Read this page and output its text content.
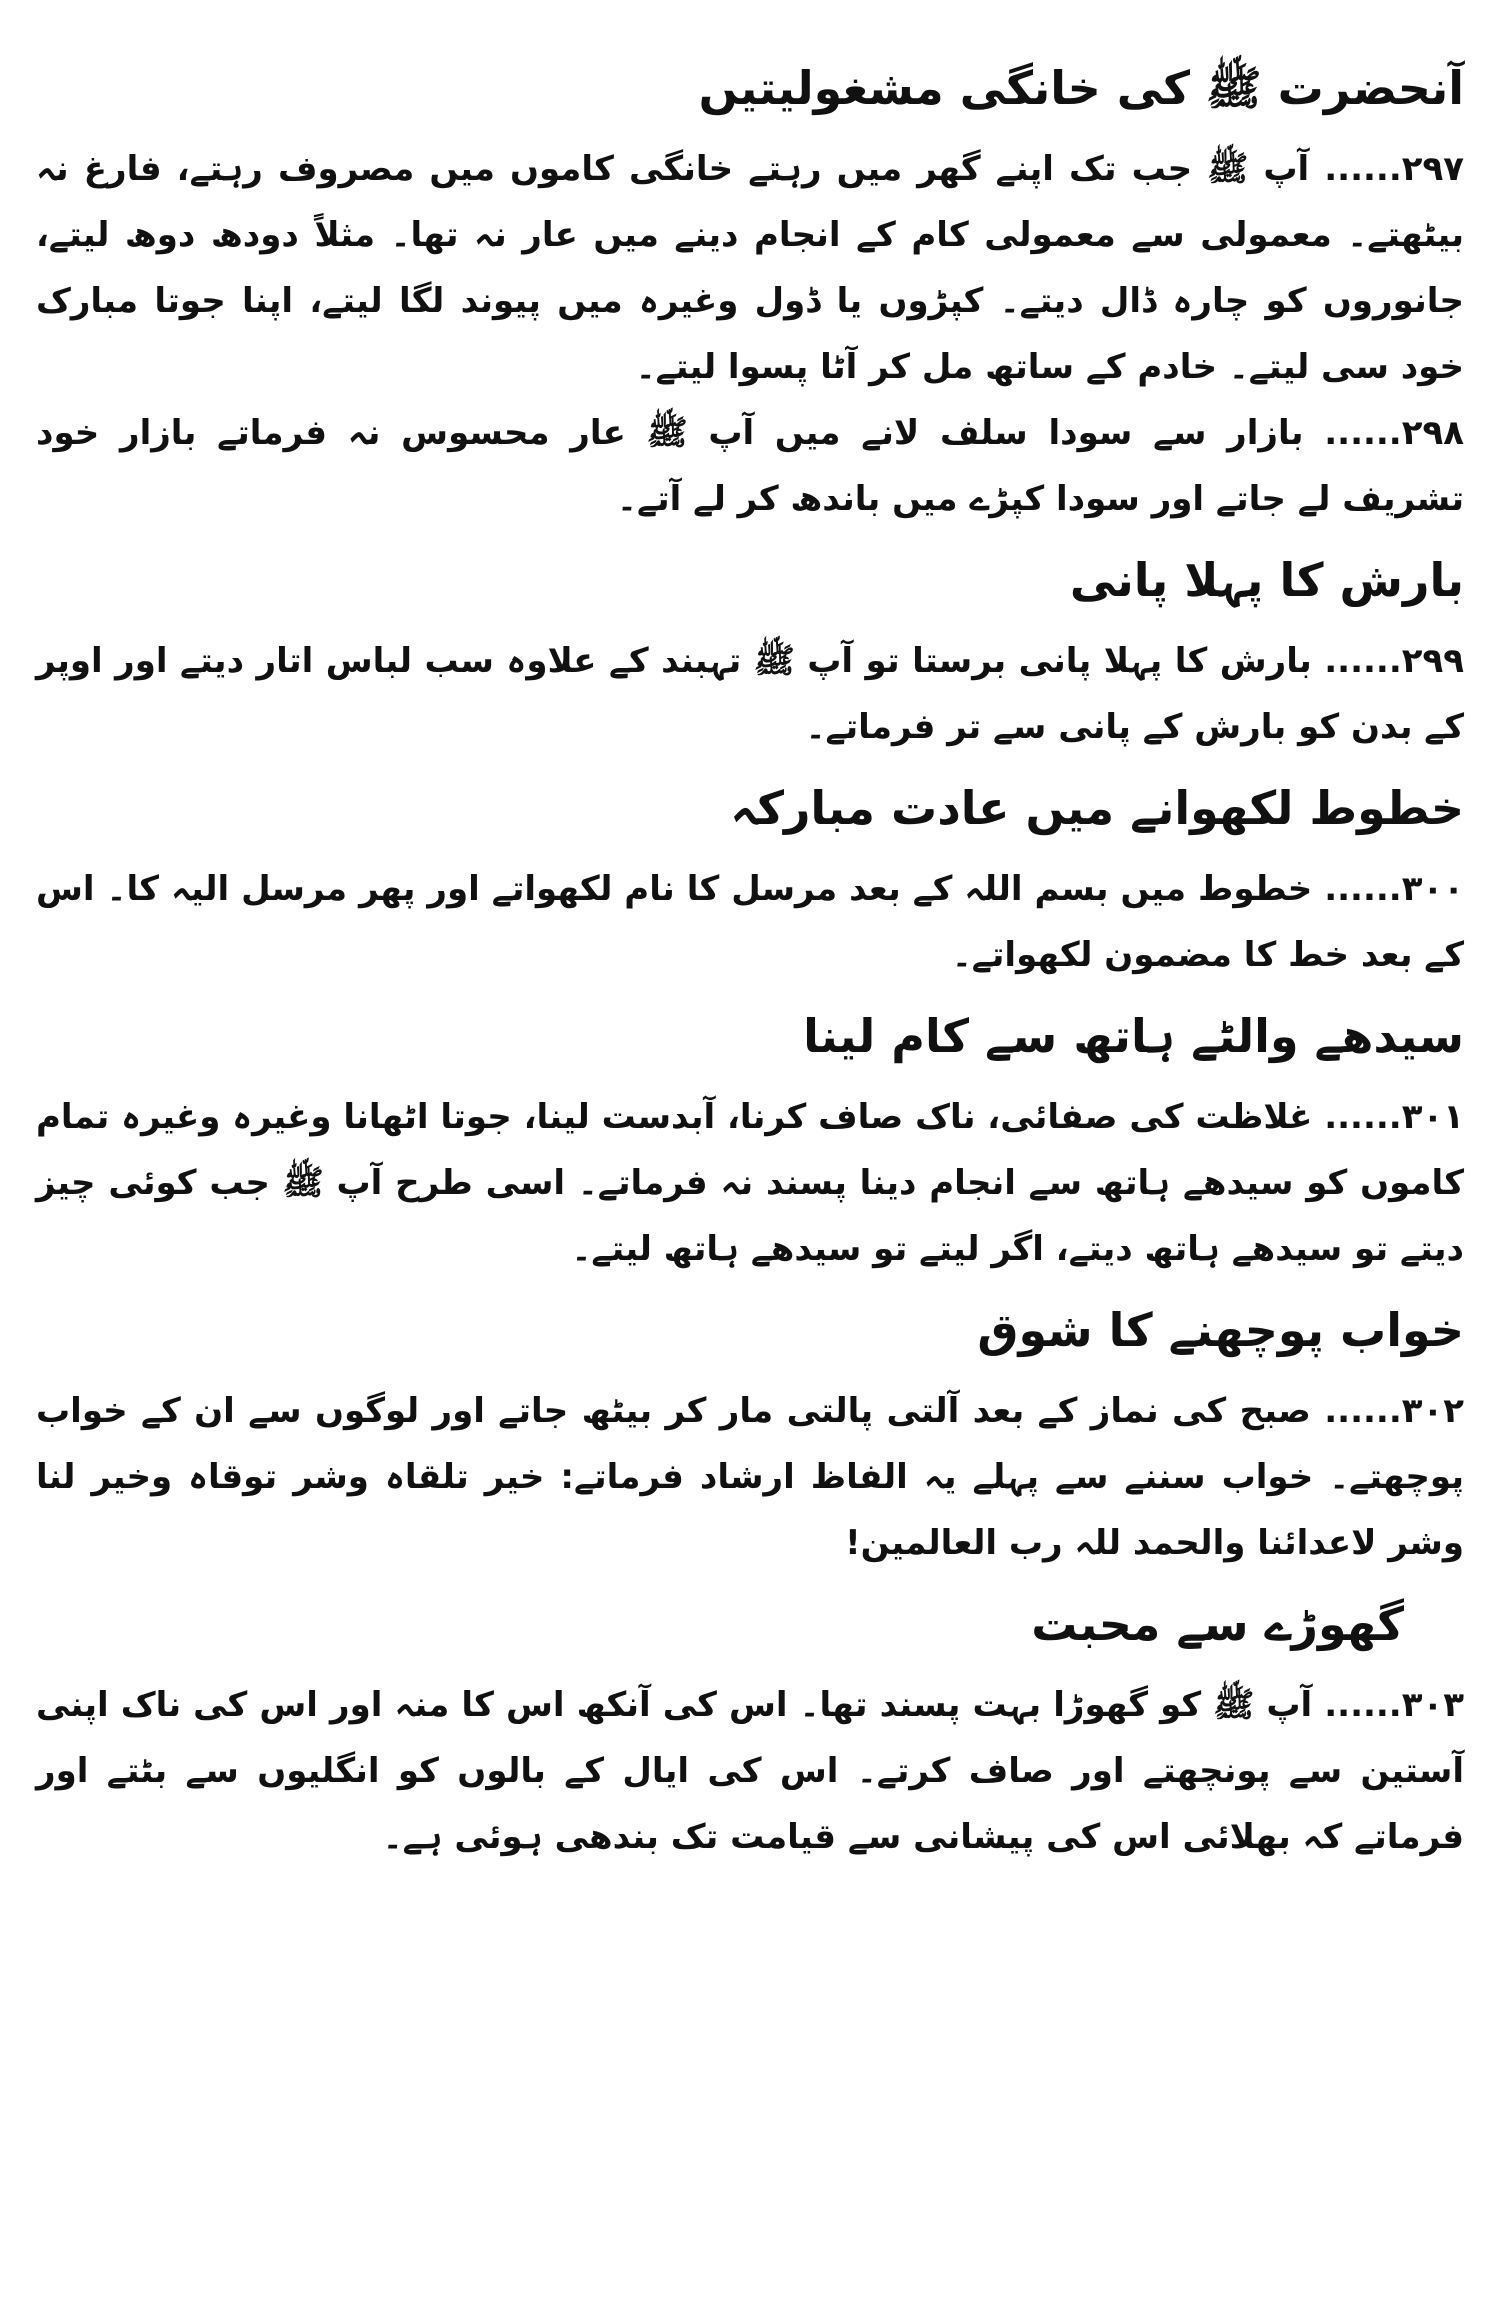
آنحضرت ﷺ کی خانگی مشغولیتیں

۲۹۷...... آپ ﷺ جب تک اپنے گھر میں رہتے خانگی کاموں میں مصروف رہتے، فارغ نہ بیٹھتے۔ معمولی سے معمولی کام کے انجام دینے میں عار نہ تھا۔ مثلاً دودھ دوھ لیتے، جانوروں کو چارہ ڈال دیتے۔ کپڑوں یا ڈول وغیرہ میں پیوند لگا لیتے، اپنا جوتا مبارک خود سی لیتے۔ خادم کے ساتھ مل کر آٹا پسوا لیتے۔

۲۹۸...... بازار سے سودا سلف لانے میں آپ ﷺ عار محسوس نہ فرماتے بازار خود تشریف لے جاتے اور سودا کپڑے میں باندھ کر لے آتے۔

بارش کا پہلا پانی

۲۹۹...... بارش کا پہلا پانی برستا تو آپ ﷺ تہبند کے علاوہ سب لباس اتار دیتے اور اوپر کے بدن کو بارش کے پانی سے تر فرماتے۔

خطوط لکھوانے میں عادت مبارکہ

۳۰۰...... خطوط میں بسم اللہ کے بعد مرسل کا نام لکھواتے اور پھر مرسل الیہ کا۔ اس کے بعد خط کا مضمون لکھواتے۔

سیدھے والٹے ہاتھ سے کام لینا

۳۰۱...... غلاظت کی صفائی، ناک صاف کرنا، آبدست لینا، جوتا اٹھانا وغیرہ وغیرہ تمام کاموں کو سیدھے ہاتھ سے انجام دینا پسند نہ فرماتے۔ اسی طرح آپ ﷺ جب کوئی چیز دیتے تو سیدھے ہاتھ دیتے، اگر لیتے تو سیدھے ہاتھ لیتے۔

خواب پوچھنے کا شوق

۳۰۲...... صبح کی نماز کے بعد آلتی پالتی مار کر بیٹھ جاتے اور لوگوں سے ان کے خواب پوچھتے۔ خواب سننے سے پہلے یہ الفاظ ارشاد فرماتے: خیر تلقاہ وشر توقاہ وخیر لنا وشر لاعدائنا والحمد للہ رب العالمین!

گھوڑے سے محبت

۳۰۳...... آپ ﷺ کو گھوڑا بہت پسند تھا۔ اس کی آنکھ اس کا منہ اور اس کی ناک اپنی آستین سے پونچھتے اور صاف کرتے۔ اس کی ایال کے بالوں کو انگلیوں سے بٹتے اور فرماتے کہ بھلائی اس کی پیشانی سے قیامت تک بندھی ہوئی ہے۔
